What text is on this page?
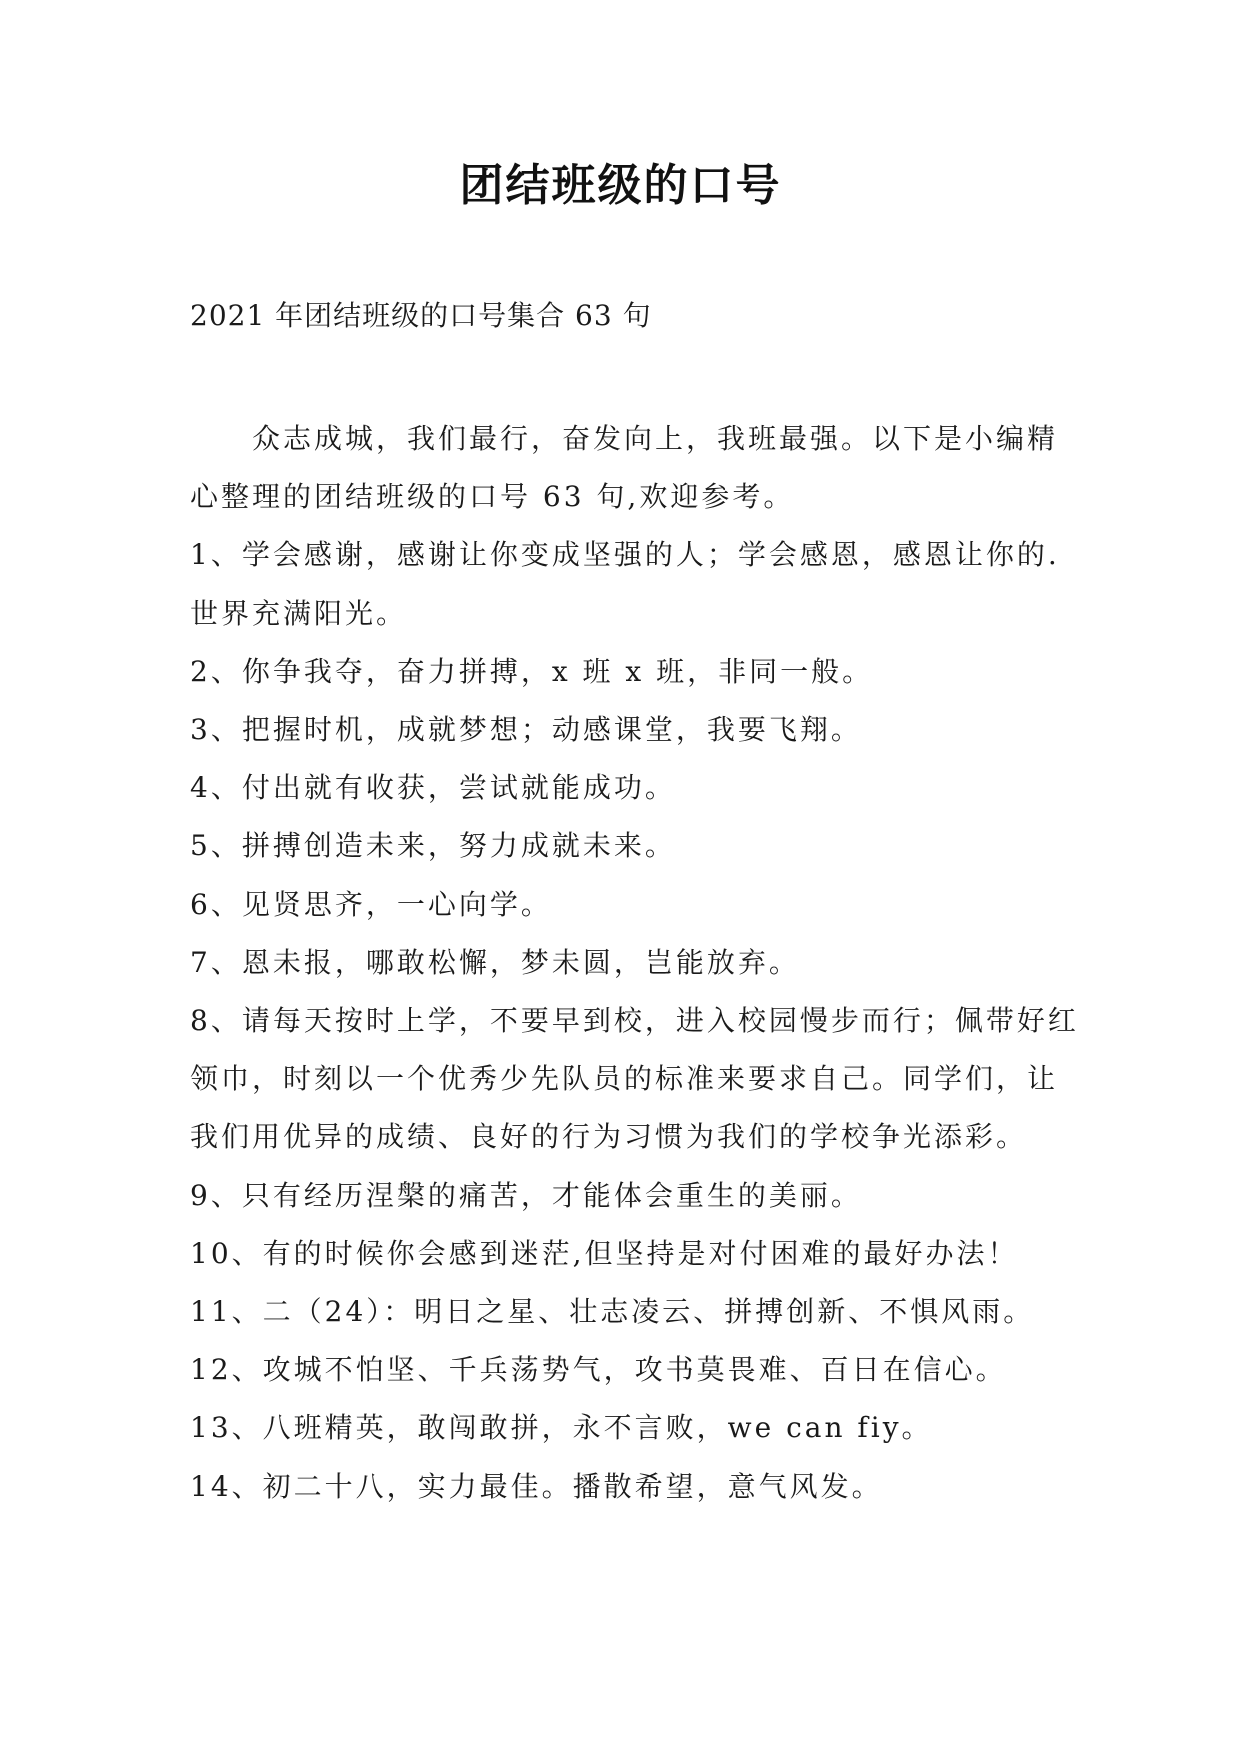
团结班级的口号
2021 年团结班级的口号集合 63 句
众志成城，我们最行，奋发向上，我班最强。以下是小编精心整理的团结班级的口号 63 句,欢迎参考。
1、学会感谢，感谢让你变成坚强的人；学会感恩，感恩让你的.世界充满阳光。
2、你争我夺，奋力拼搏，x 班 x 班，非同一般。
3、把握时机，成就梦想；动感课堂，我要飞翔。
4、付出就有收获，尝试就能成功。
5、拼搏创造未来，努力成就未来。
6、见贤思齐，一心向学。
7、恩未报，哪敢松懈，梦未圆，岂能放弃。
8、请每天按时上学，不要早到校，进入校园慢步而行；佩带好红领巾，时刻以一个优秀少先队员的标准来要求自己。同学们，让我们用优异的成绩、良好的行为习惯为我们的学校争光添彩。
9、只有经历涅槃的痛苦，才能体会重生的美丽。
10、有的时候你会感到迷茫,但坚持是对付困难的最好办法！
11、二（24）：明日之星、壮志凌云、拼搏创新、不惧风雨。
12、攻城不怕坚、千兵荡势气，攻书莫畏难、百日在信心。
13、八班精英，敢闯敢拼，永不言败，we can fiy。
14、初二十八，实力最佳。播散希望，意气风发。
